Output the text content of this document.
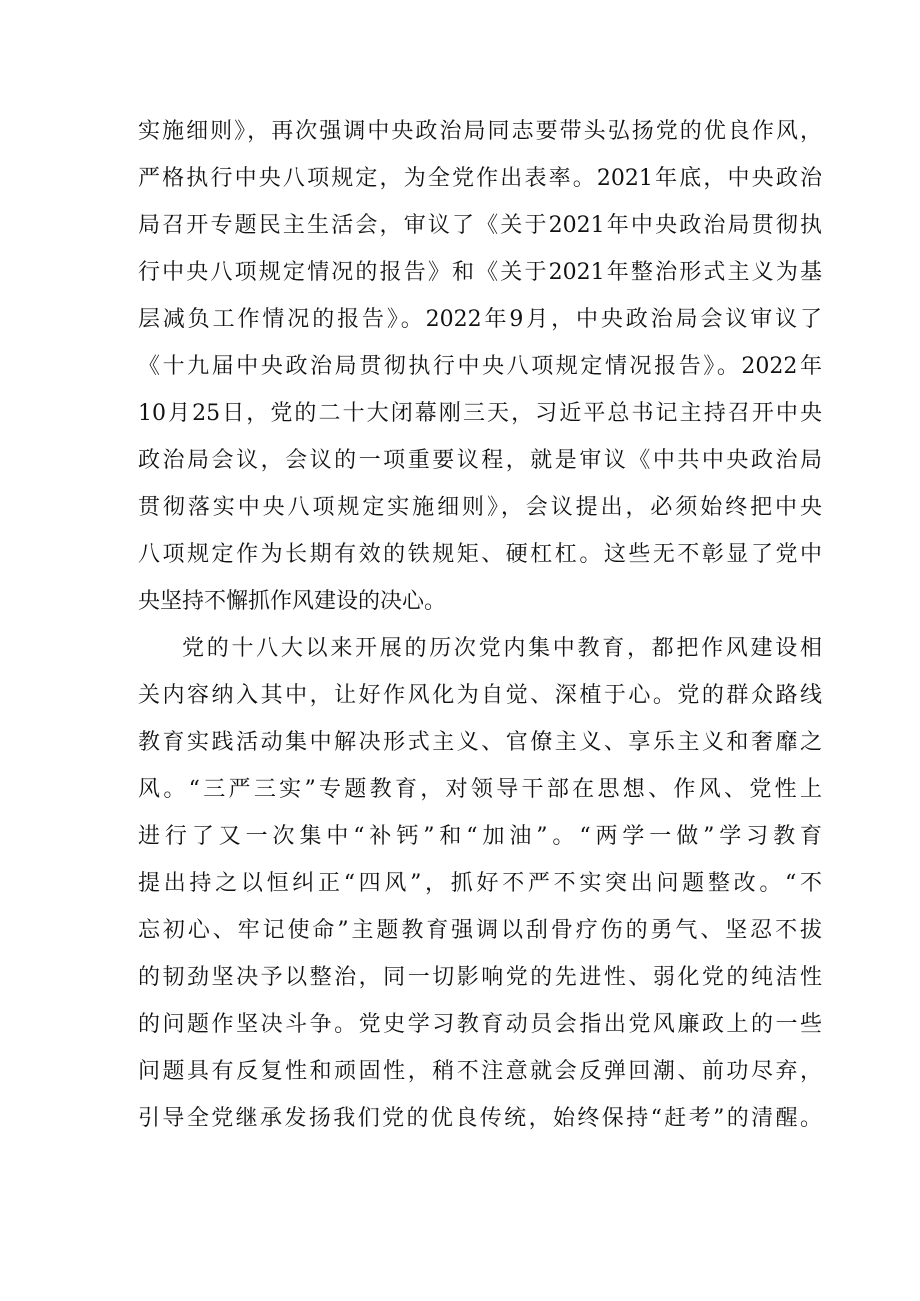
实施细则》，再次强调中央政治局同志要带头弘扬党的优良作风，
严格执行中央八项规定，为全党作出表率。2021年底，中央政治
局召开专题民主生活会，审议了《关于2021年中央政治局贯彻执
行中央八项规定情况的报告》和《关于2021年整治形式主义为基
层减负工作情况的报告》。2022年9月，中央政治局会议审议了
《十九届中央政治局贯彻执行中央八项规定情况报告》。2022年
10月25日，党的二十大闭幕刚三天，习近平总书记主持召开中央
政治局会议，会议的一项重要议程，就是审议《中共中央政治局
贯彻落实中央八项规定实施细则》，会议提出，必须始终把中央
八项规定作为长期有效的铁规矩、硬杠杠。这些无不彰显了党中
央坚持不懈抓作风建设的决心。
党的十八大以来开展的历次党内集中教育，都把作风建设相
关内容纳入其中，让好作风化为自觉、深植于心。党的群众路线
教育实践活动集中解决形式主义、官僚主义、享乐主义和奢靡之
风。“三严三实”专题教育，对领导干部在思想、作风、党性上
进行了又一次集中“补钙”和“加油”。“两学一做”学习教育
提出持之以恒纠正“四风”，抓好不严不实突出问题整改。“不
忘初心、牢记使命”主题教育强调以刮骨疗伤的勇气、坚忍不拔
的韧劲坚决予以整治，同一切影响党的先进性、弱化党的纯洁性
的问题作坚决斗争。党史学习教育动员会指出党风廉政上的一些
问题具有反复性和顽固性，稍不注意就会反弹回潮、前功尽弃，
引导全党继承发扬我们党的优良传统，始终保持“赶考”的清醒。
